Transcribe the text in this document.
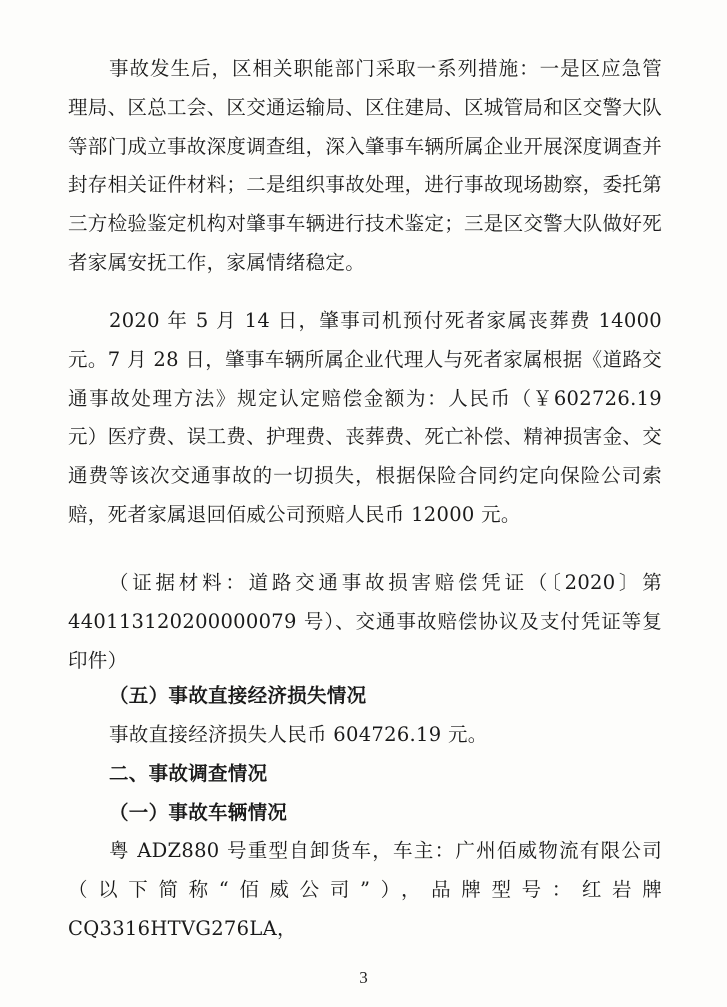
事故发生后，区相关职能部门采取一系列措施：一是区应急管理局、区总工会、区交通运输局、区住建局、区城管局和区交警大队等部门成立事故深度调查组，深入肇事车辆所属企业开展深度调查并封存相关证件材料；二是组织事故处理，进行事故现场勘察，委托第三方检验鉴定机构对肇事车辆进行技术鉴定；三是区交警大队做好死者家属安抚工作，家属情绪稳定。

2020 年 5 月 14 日，肇事司机预付死者家属丧葬费 14000 元。7 月 28 日，肇事车辆所属企业代理人与死者家属根据《道路交通事故处理方法》规定认定赔偿金额为：人民币（￥602726.19 元）医疗费、误工费、护理费、丧葬费、死亡补偿、精神损害金、交通费等该次交通事故的一切损失，根据保险合同约定向保险公司索赔，死者家属退回佰威公司预赔人民币 12000 元。

（证据材料：道路交通事故损害赔偿凭证（〔2020〕第 440113120200000079 号）、交通事故赔偿协议及支付凭证等复印件）

（五）事故直接经济损失情况

事故直接经济损失人民币 604726.19 元。

二、事故调查情况

（一）事故车辆情况

粤 ADZ880 号重型自卸货车，车主：广州佰威物流有限公司（以下简称“佰威公司”），品牌型号：红岩牌 CQ3316HTVG276LA，

3
